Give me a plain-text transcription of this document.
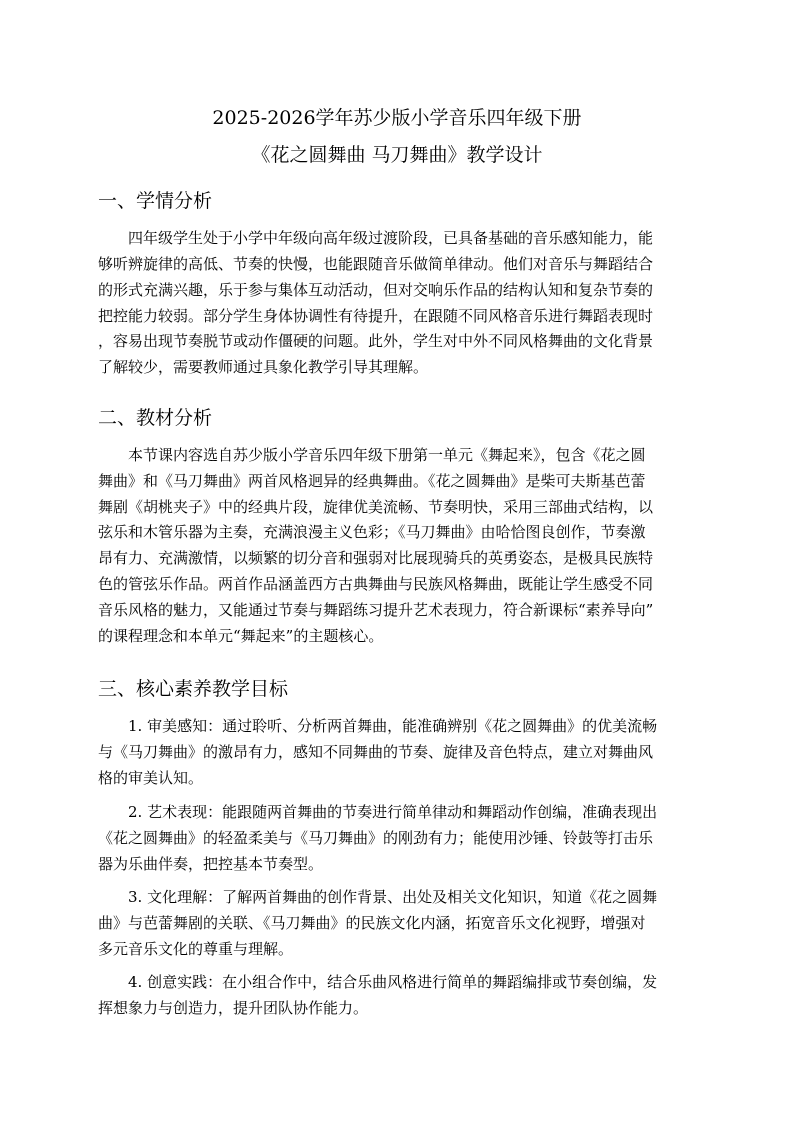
2025-2026学年苏少版小学音乐四年级下册
《花之圆舞曲 马刀舞曲》教学设计
一、学情分析
四年级学生处于小学中年级向高年级过渡阶段，已具备基础的音乐感知能力，能
够听辨旋律的高低、节奏的快慢，也能跟随音乐做简单律动。他们对音乐与舞蹈结合
的形式充满兴趣，乐于参与集体互动活动，但对交响乐作品的结构认知和复杂节奏的
把控能力较弱。部分学生身体协调性有待提升，在跟随不同风格音乐进行舞蹈表现时
，容易出现节奏脱节或动作僵硬的问题。此外，学生对中外不同风格舞曲的文化背景
了解较少，需要教师通过具象化教学引导其理解。
二、教材分析
本节课内容选自苏少版小学音乐四年级下册第一单元《舞起来》，包含《花之圆
舞曲》和《马刀舞曲》两首风格迥异的经典舞曲。《花之圆舞曲》是柴可夫斯基芭蕾
舞剧《胡桃夹子》中的经典片段，旋律优美流畅、节奏明快，采用三部曲式结构，以
弦乐和木管乐器为主奏，充满浪漫主义色彩；《马刀舞曲》由哈恰图良创作，节奏激
昂有力、充满激情，以频繁的切分音和强弱对比展现骑兵的英勇姿态，是极具民族特
色的管弦乐作品。两首作品涵盖西方古典舞曲与民族风格舞曲，既能让学生感受不同
音乐风格的魅力，又能通过节奏与舞蹈练习提升艺术表现力，符合新课标“素养导向”
的课程理念和本单元“舞起来”的主题核心。
三、核心素养教学目标
1. 审美感知：通过聆听、分析两首舞曲，能准确辨别《花之圆舞曲》的优美流畅
与《马刀舞曲》的激昂有力，感知不同舞曲的节奏、旋律及音色特点，建立对舞曲风
格的审美认知。
2. 艺术表现：能跟随两首舞曲的节奏进行简单律动和舞蹈动作创编，准确表现出
《花之圆舞曲》的轻盈柔美与《马刀舞曲》的刚劲有力；能使用沙锤、铃鼓等打击乐
器为乐曲伴奏，把控基本节奏型。
3. 文化理解：了解两首舞曲的创作背景、出处及相关文化知识，知道《花之圆舞
曲》与芭蕾舞剧的关联、《马刀舞曲》的民族文化内涵，拓宽音乐文化视野，增强对
多元音乐文化的尊重与理解。
4. 创意实践：在小组合作中，结合乐曲风格进行简单的舞蹈编排或节奏创编，发
挥想象力与创造力，提升团队协作能力。
